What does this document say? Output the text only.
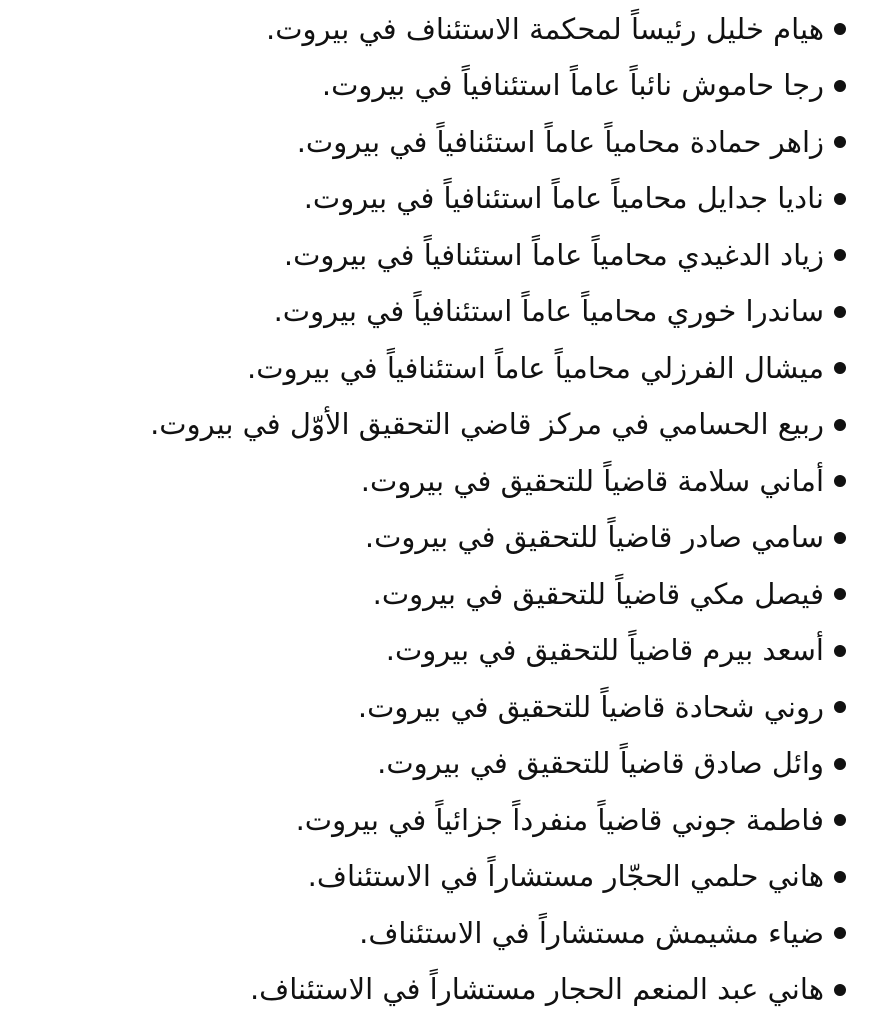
هيام خليل رئيساً لمحكمة الاستئناف في بيروت.
رجا حاموش نائباً عاماً استئنافياً في بيروت.
زاهر حمادة محامياً عاماً استئنافياً في بيروت.
ناديا جدايل محامياً عاماً استئنافياً في بيروت.
زياد الدغيدي محامياً عاماً استئنافياً في بيروت.
ساندرا خوري محامياً عاماً استئنافياً في بيروت.
ميشال الفرزلي محامياً عاماً استئنافياً في بيروت.
ربيع الحسامي في مركز قاضي التحقيق الأوّل في بيروت.
أماني سلامة قاضياً للتحقيق في بيروت.
سامي صادر قاضياً للتحقيق في بيروت.
فيصل مكي قاضياً للتحقيق في بيروت.
أسعد بيرم قاضياً للتحقيق في بيروت.
روني شحادة قاضياً للتحقيق في بيروت.
وائل صادق قاضياً للتحقيق في بيروت.
فاطمة جوني قاضياً منفرداً جزائياً في بيروت.
هاني حلمي الحجّار مستشاراً في الاستئناف.
ضياء مشيمش مستشاراً في الاستئناف.
هاني عبد المنعم الحجار مستشاراً في الاستئناف.
